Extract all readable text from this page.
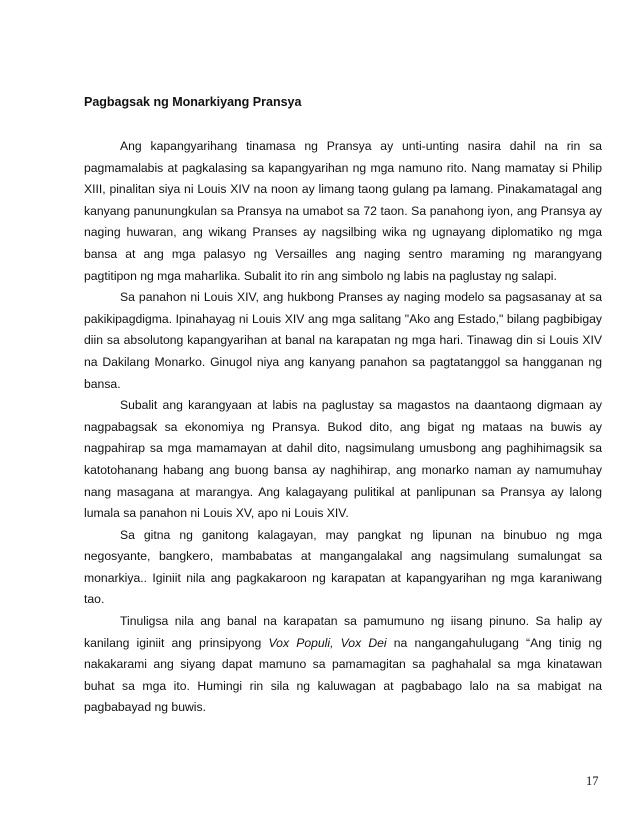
Pagbagsak ng Monarkiyang Pransya

Ang kapangyarihang tinamasa ng Pransya ay unti-unting nasira dahil na rin sa pagmamalabis at pagkalasing sa kapangyarihan ng mga namuno rito. Nang mamatay si Philip XIII, pinalitan siya ni Louis XIV na noon ay limang taong gulang pa lamang. Pinakamatagal ang kanyang panunungkulan sa Pransya na umabot sa 72 taon. Sa panahong iyon, ang Pransya ay naging huwaran, ang wikang Pranses ay nagsilbing wika ng ugnayang diplomatiko ng mga bansa at ang mga palasyo ng Versailles ang naging sentro maraming ng marangyang pagtitipon ng mga maharlika. Subalit ito rin ang simbolo ng labis na paglustay ng salapi.

Sa panahon ni Louis XIV, ang hukbong Pranses ay naging modelo sa pagsasanay at sa pakikipagdigma. Ipinahayag ni Louis XIV ang mga salitang "Ako ang Estado," bilang pagbibigay diin sa absolutong kapangyarihan at banal na karapatan ng mga hari. Tinawag din si Louis XIV na Dakilang Monarko. Ginugol niya ang kanyang panahon sa pagtatanggol sa hangganan ng bansa.

Subalit ang karangyaan at labis na paglustay sa magastos na daantaong digmaan ay nagpabagsak sa ekonomiya ng Pransya. Bukod dito, ang bigat ng mataas na buwis ay nagpahirap sa mga mamamayan at dahil dito, nagsimulang umusbong ang paghihimagsik sa katotohanang habang ang buong bansa ay naghihirap, ang monarko naman ay namumuhay nang masagana at marangya. Ang kalagayang pulitikal at panlipunan sa Pransya ay lalong lumala sa panahon ni Louis XV, apo ni Louis XIV.

Sa gitna ng ganitong kalagayan, may pangkat ng lipunan na binubuo ng mga negosyante, bangkero, mambabatas at mangangalakal ang nagsimulang sumalungat sa monarkiya.. Iginiit nila ang pagkakaroon ng karapatan at kapangyarihan ng mga karaniwang tao.

Tinuligsa nila ang banal na karapatan sa pamumuno ng iisang pinuno. Sa halip ay kanilang iginiit ang prinsipyong Vox Populi, Vox Dei na nangangahulugang “Ang tinig ng nakakarami ang siyang dapat mamuno sa pamamagitan sa paghahalal sa mga kinatawan buhat sa mga ito. Humingi rin sila ng kaluwagan at pagbabago lalo na sa mabigat na pagbabayad ng buwis.

17
